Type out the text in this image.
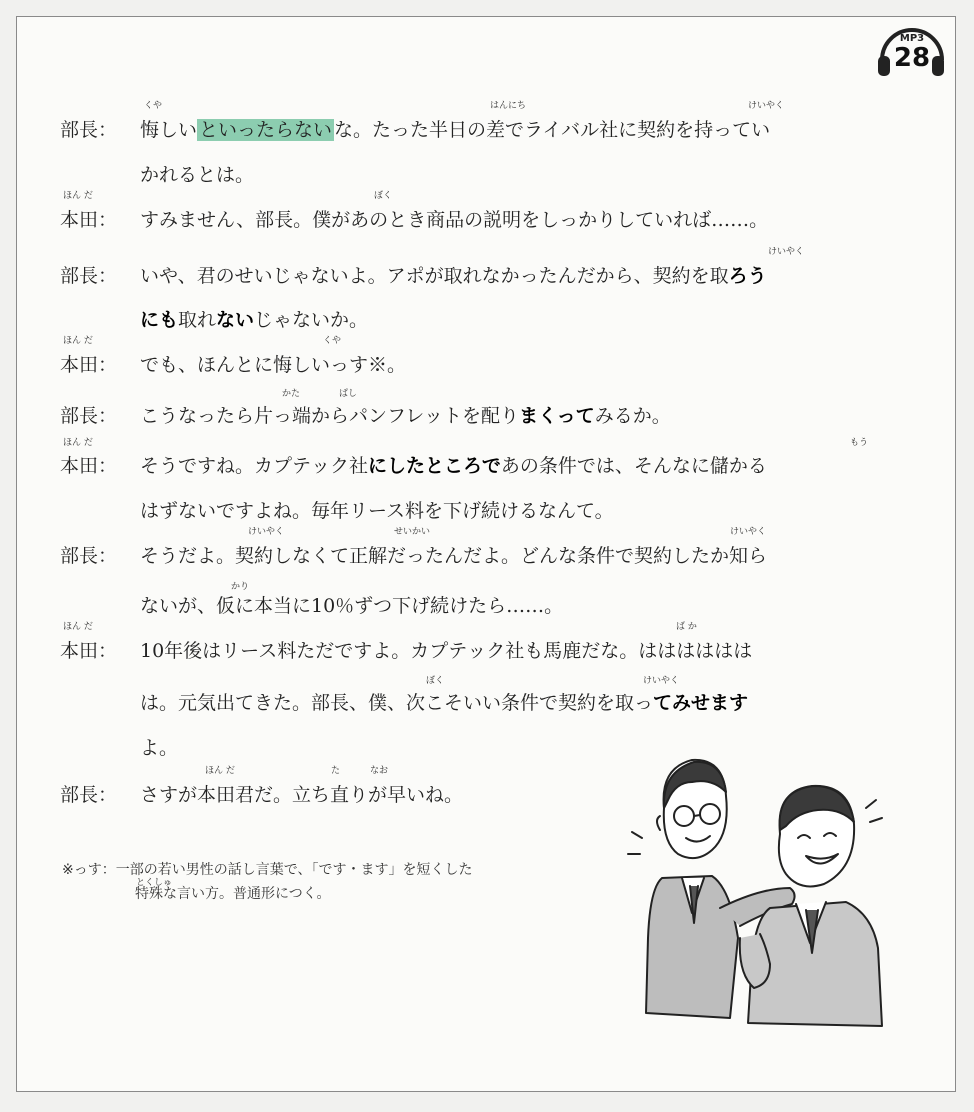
MP3
28
部長：	悔しい といったらない な。たった半日の差でライバル社に契約を持ってい
かれるとは。
本田：	すみません、部長。僕があのとき商品の説明をしっかりしていれば……。
部長：	いや、君のせいじゃないよ。アポが取れなかったんだから、契約を取ろう
にも取れないじゃないか。
本田：	でも、ほんとに悔しいっす※。
部長：	こうなったら片っ端からパンフレットを配りまくってみるか。
本田：	そうですね。カプテック社にしたところであの条件では、そんなに儲かる
はずないですよね。毎年リース料を下げ続けるなんて。
部長：	そうだよ。契約しなくて正解だったんだよ。どんな条件で契約したか知ら
ないが、仮に本当に10％ずつ下げ続けたら……。
本田：	10年後はリース料ただですよ。カプテック社も馬鹿だな。はははははは
は。元気出てきた。部長、僕、次こそいい条件で契約を取ってみせます
よ。
部長：	さすが本田君だ。立ち直りが早いね。
くや	はんにち	けいやく
ほん だ	ぼく
けいやく
ほん だ	くや
かた	ぱし
ほん だ	もう
けいやく	せいかい	けいやく
かり
ほん だ	ば か
ぼく	けいやく
ほん だ	た	なお
とくしゅ
※っす：一部の若い男性の話し言葉で、「です・ます」を短くした
特殊な言い方。普通形につく。
